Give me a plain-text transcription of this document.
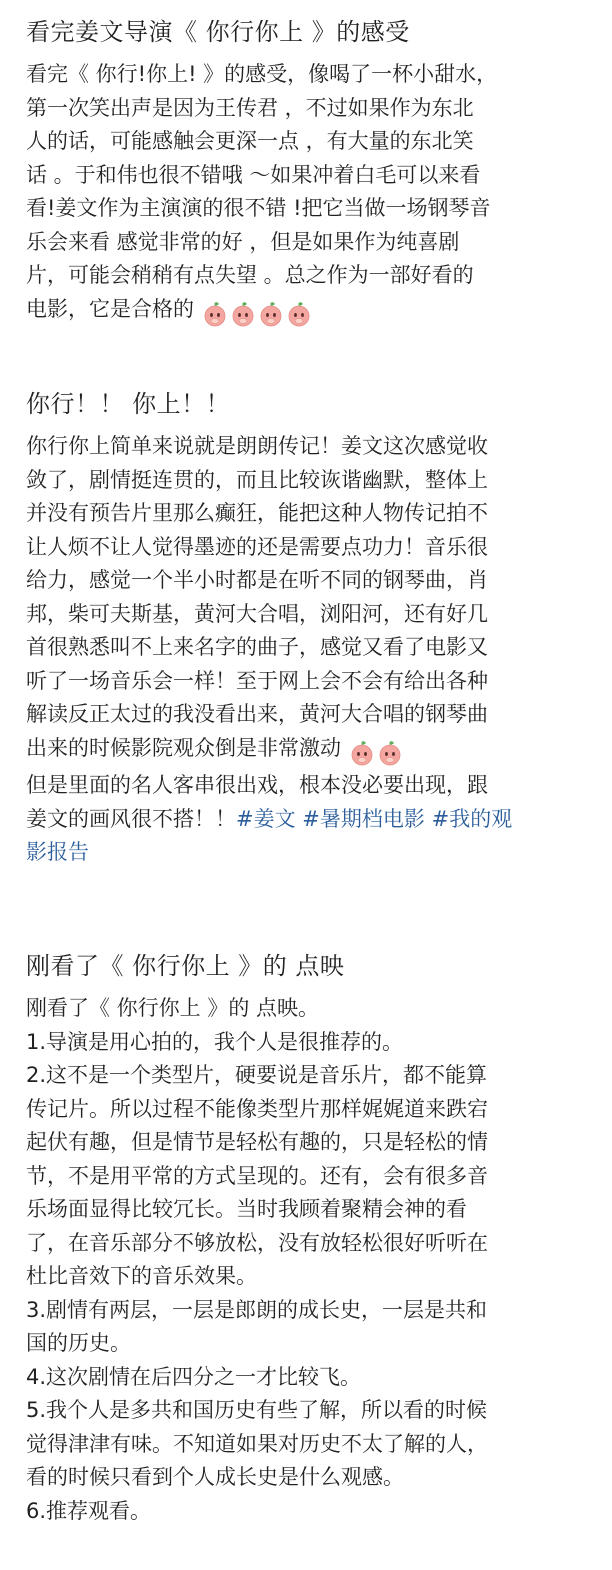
看完姜文导演《 你行你上 》的感受

看完《 你行!你上! 》的感受，像喝了一杯小甜水，

第一次笑出声是因为王传君 ，不过如果作为东北

人的话，可能感触会更深一点 ，有大量的东北笑

话 。于和伟也很不错哦 ～如果冲着白毛可以来看

看!姜文作为主演演的很不错 !把它当做一场钢琴音

乐会来看 感觉非常的好 ，但是如果作为纯喜剧

片，可能会稍稍有点失望 。总之作为一部好看的

电影，它是合格的

你行！！ 你上！！

你行你上简单来说就是朗朗传记！姜文这次感觉收

敛了，剧情挺连贯的，而且比较诙谐幽默，整体上

并没有预告片里那么癫狂，能把这种人物传记拍不

让人烦不让人觉得墨迹的还是需要点功力！音乐很

给力，感觉一个半小时都是在听不同的钢琴曲，肖

邦，柴可夫斯基，黄河大合唱，浏阳河，还有好几

首很熟悉叫不上来名字的曲子，感觉又看了电影又

听了一场音乐会一样！至于网上会不会有给出各种

解读反正太过的我没看出来，黄河大合唱的钢琴曲

出来的时候影院观众倒是非常激动

但是里面的名人客串很出戏，根本没必要出现，跟

姜文的画风很不搭！！#姜文 #暑期档电影 #我的观

影报告

刚看了《 你行你上 》的 点映

刚看了《 你行你上 》的 点映。

1.导演是用心拍的，我个人是很推荐的。

2.这不是一个类型片，硬要说是音乐片，都不能算

传记片。所以过程不能像类型片那样娓娓道来跌宕

起伏有趣，但是情节是轻松有趣的，只是轻松的情

节，不是用平常的方式呈现的。还有，会有很多音

乐场面显得比较冗长。当时我顾着聚精会神的看

了，在音乐部分不够放松，没有放轻松很好听听在

杜比音效下的音乐效果。

3.剧情有两层，一层是郎朗的成长史，一层是共和

国的历史。

4.这次剧情在后四分之一才比较飞。

5.我个人是多共和国历史有些了解，所以看的时候

觉得津津有味。不知道如果对历史不太了解的人，

看的时候只看到个人成长史是什么观感。

6.推荐观看。
